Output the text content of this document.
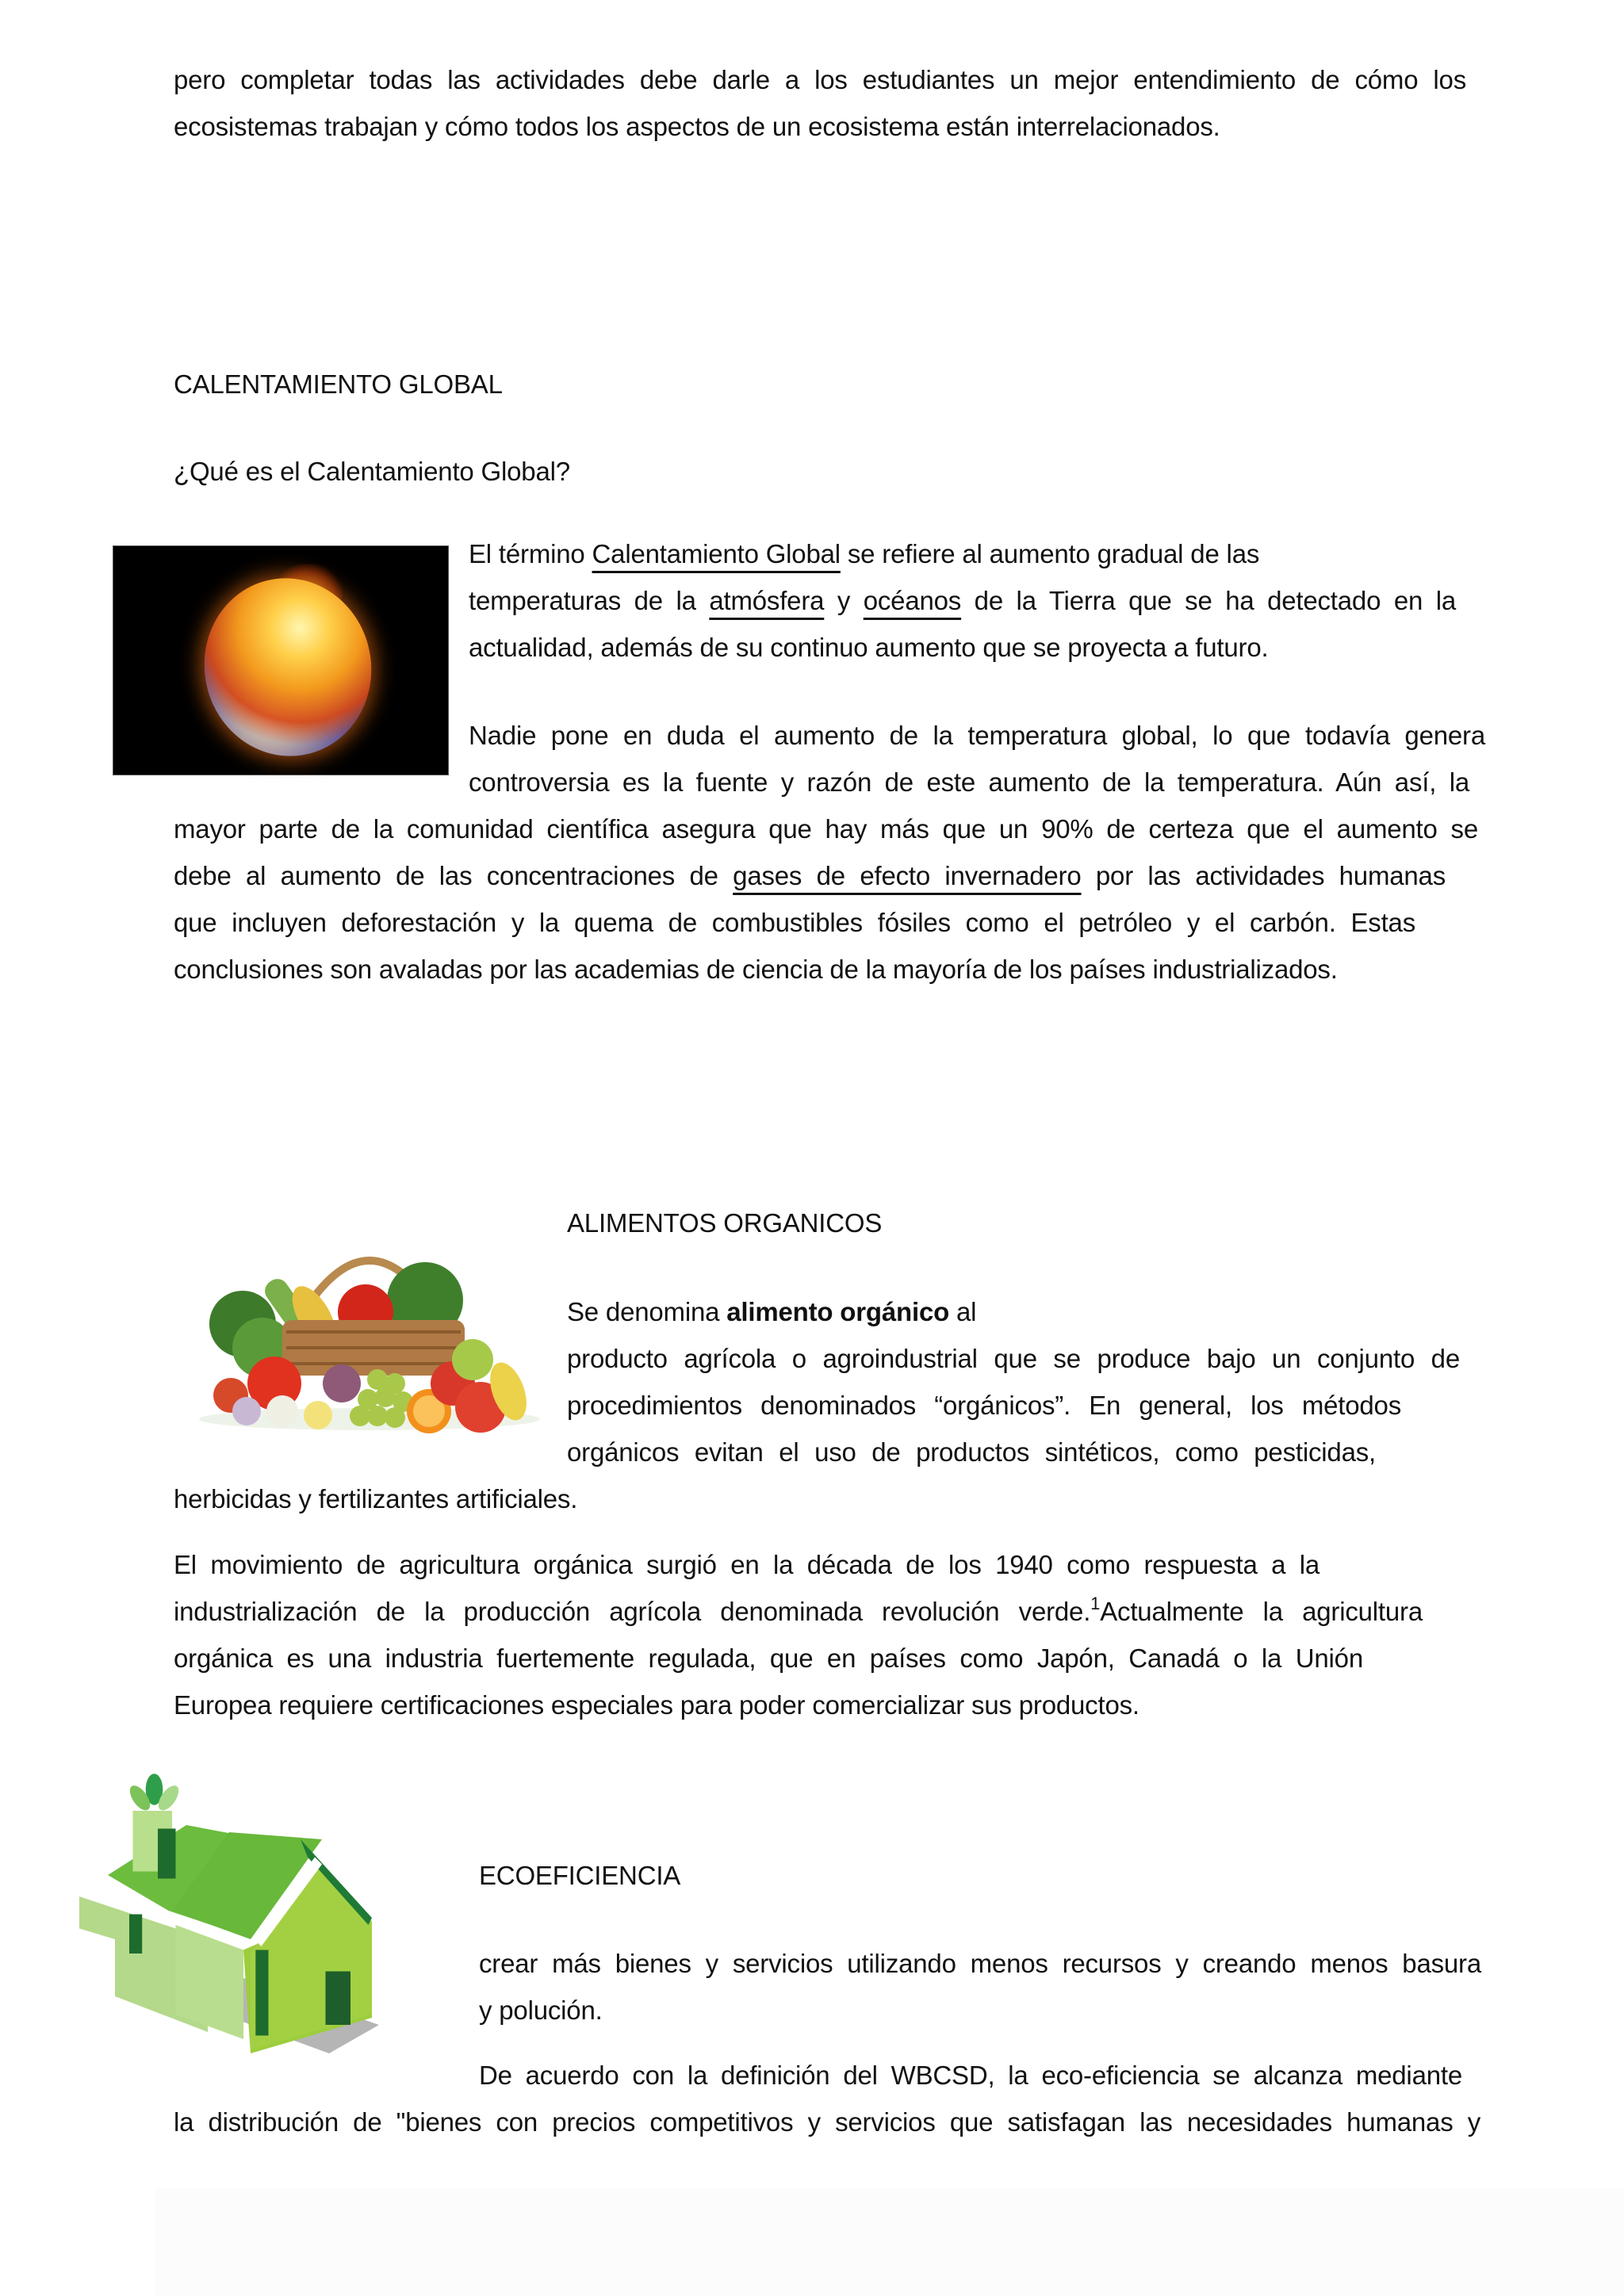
pero completar todas las actividades debe darle a los estudiantes un mejor entendimiento de cómo los
ecosistemas trabajan y cómo todos los aspectos de un ecosistema están interrelacionados.
CALENTAMIENTO GLOBAL
¿Qué es el Calentamiento Global?
El término Calentamiento Global se refiere al aumento gradual de las
temperaturas de la atmósfera y océanos de la Tierra que se ha detectado en la
actualidad, además de su continuo aumento que se proyecta a futuro.
Nadie pone en duda el aumento de la temperatura global, lo que todavía genera
controversia es la fuente y razón de este aumento de la temperatura. Aún así, la
mayor parte de la comunidad científica asegura que hay más que un 90% de certeza que el aumento se
debe al aumento de las concentraciones de gases de efecto invernadero por las actividades humanas
que incluyen deforestación y la quema de combustibles fósiles como el petróleo y el carbón. Estas
conclusiones son avaladas por las academias de ciencia de la mayoría de los países industrializados.
ALIMENTOS ORGANICOS
Se denomina alimento orgánico al
producto agrícola o agroindustrial que se produce bajo un conjunto de
procedimientos denominados “orgánicos”. En general, los métodos
orgánicos evitan el uso de productos sintéticos, como pesticidas,
herbicidas y fertilizantes artificiales.
El movimiento de agricultura orgánica surgió en la década de los 1940 como respuesta a la
industrialización de la producción agrícola denominada revolución verde.$^1$Actualmente la agricultura
orgánica es una industria fuertemente regulada, que en países como Japón, Canadá o la Unión
Europea requiere certificaciones especiales para poder comercializar sus productos.
ECOEFICIENCIA
crear más bienes y servicios utilizando menos recursos y creando menos basura
y polución.
De acuerdo con la definición del WBCSD, la eco-eficiencia se alcanza mediante
la distribución de "bienes con precios competitivos y servicios que satisfagan las necesidades humanas y
